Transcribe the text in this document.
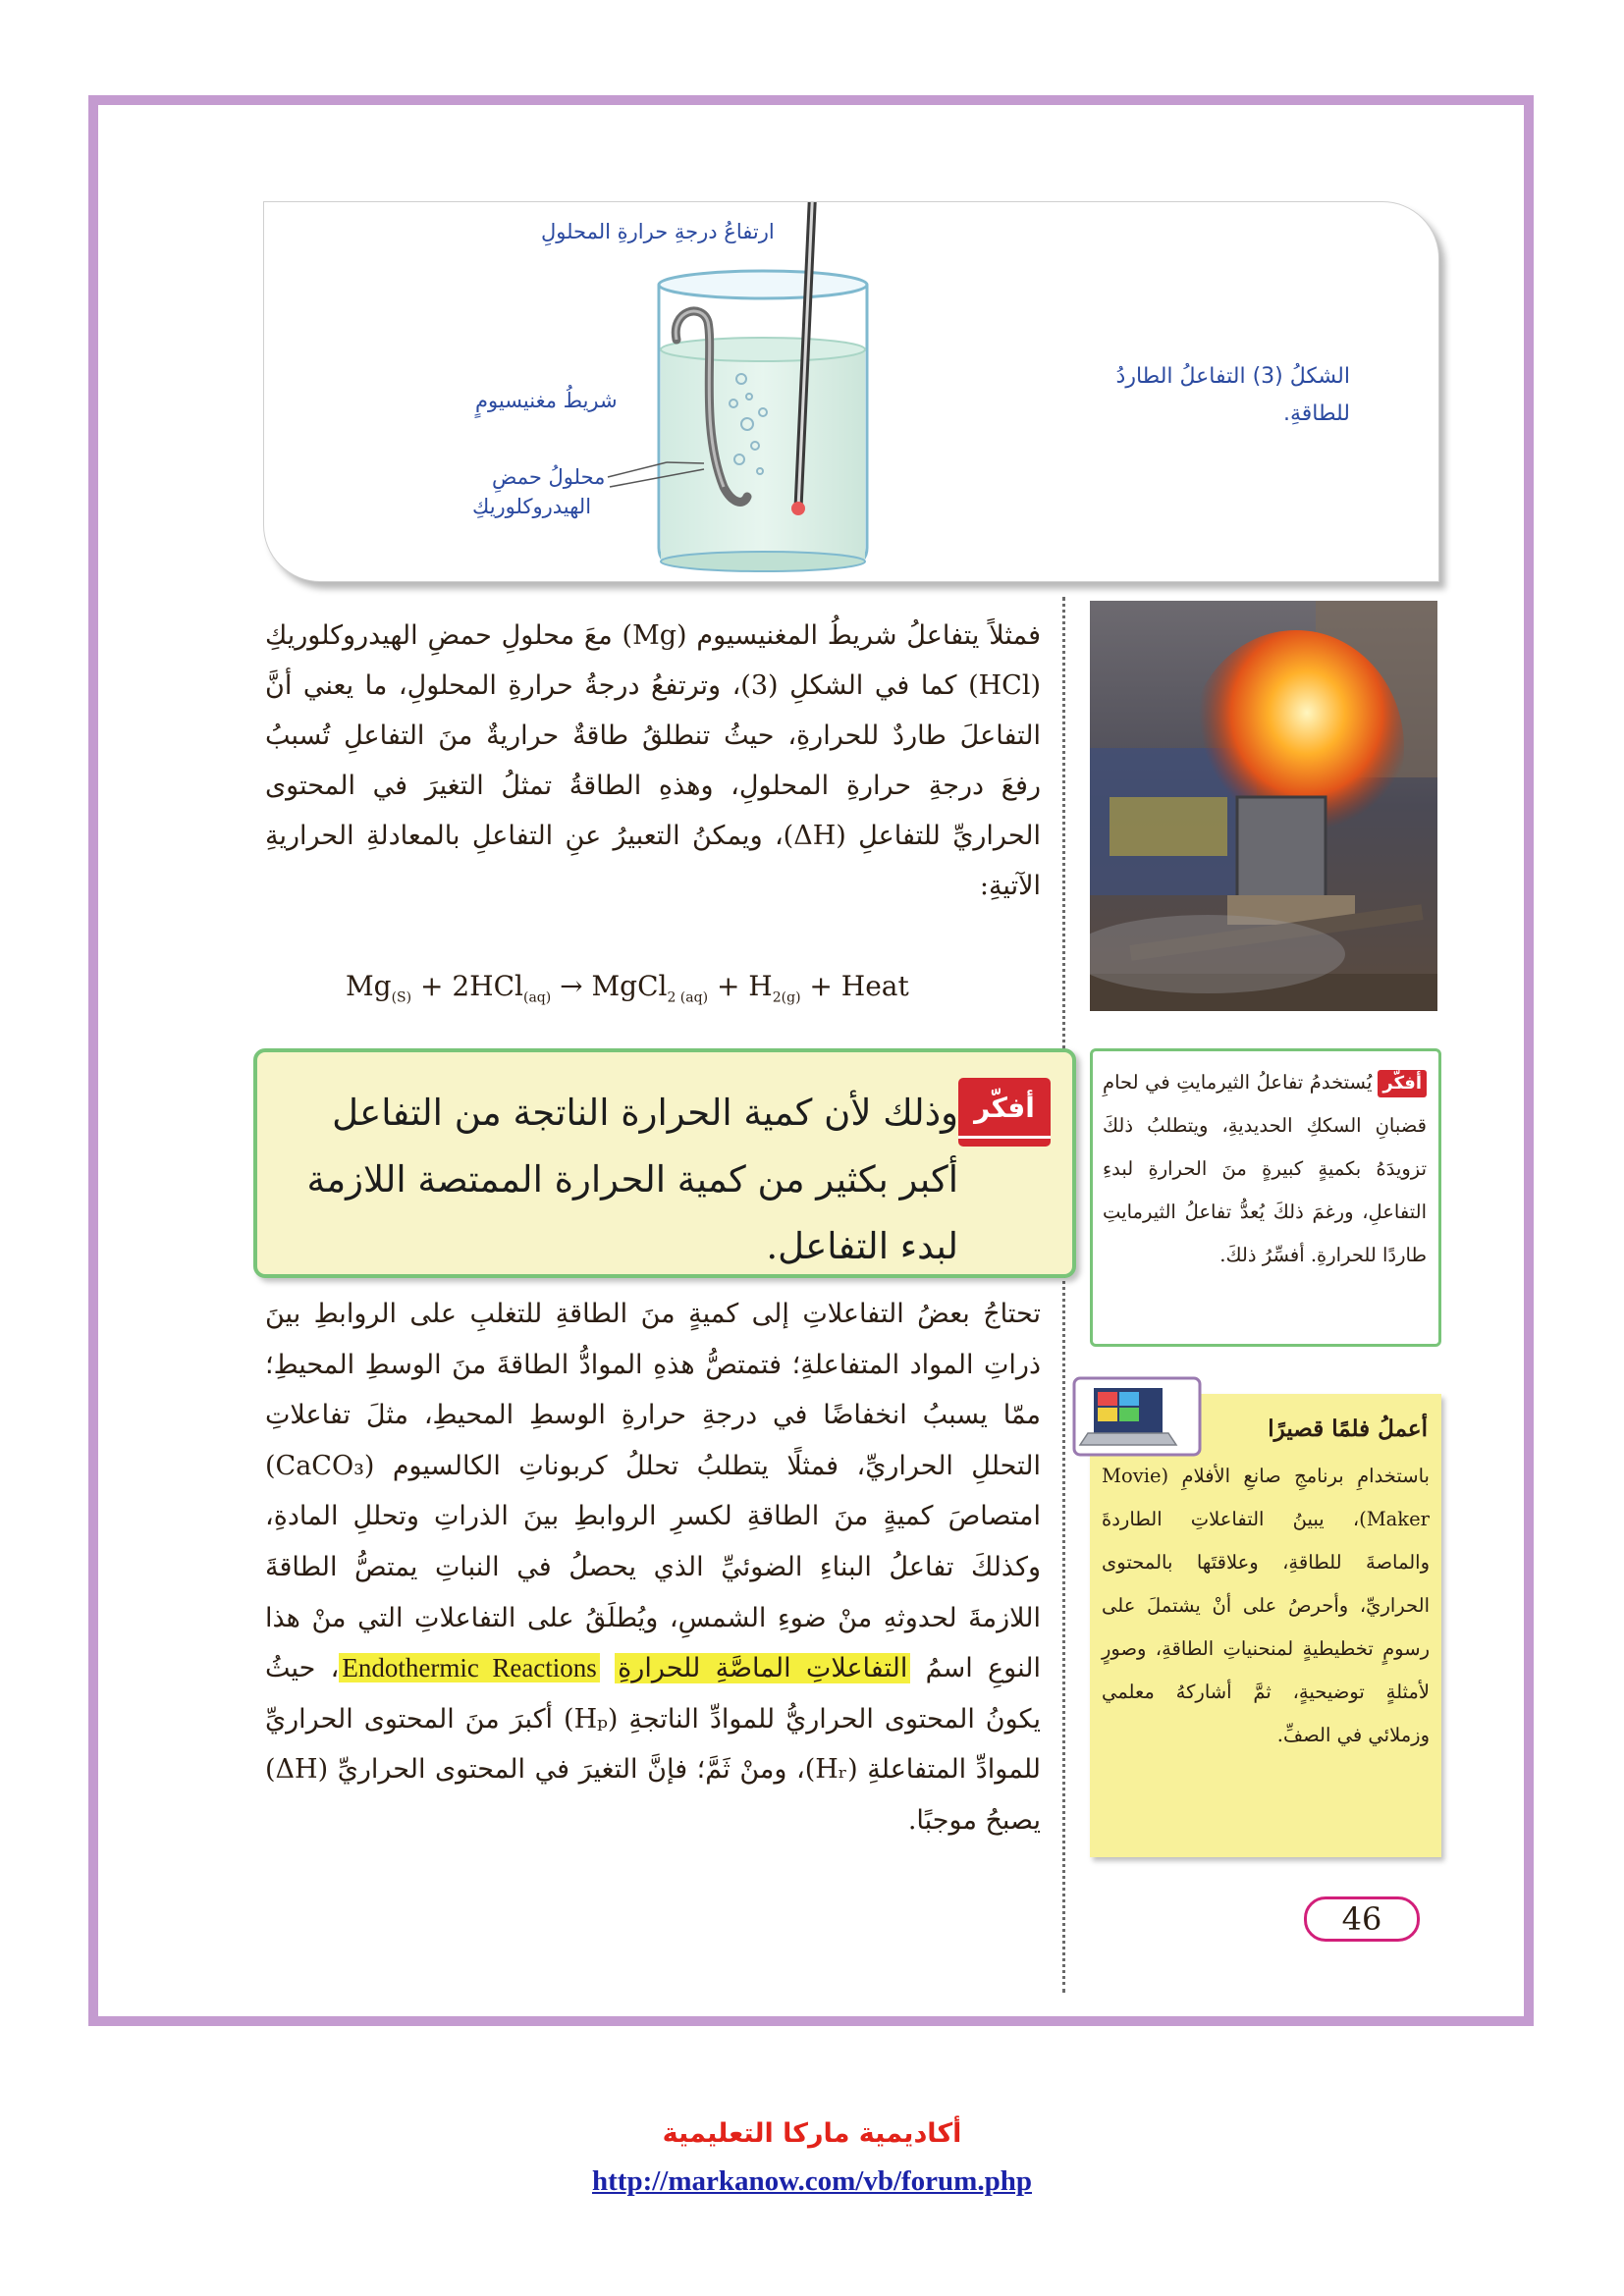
ارتفاعُ درجةِ حرارةِ المحلولِ
شريطُ مغنيسيومٍ
محلولُ حمضِ
الهيدروكلوريكِ
الشكلُ (3) التفاعلُ الطاردُ
للطاقةِ.
فمثلاً يتفاعلُ شريطُ المغنيسيوم (Mg) معَ محلولِ حمضِ الهيدروكلوريكِ (HCl) كما في الشكلِ (3)، وترتفعُ درجةُ حرارةِ المحلولِ، ما يعني أنَّ التفاعلَ طاردٌ للحرارةِ، حيثُ تنطلقُ طاقةٌ حراريةٌ منَ التفاعلِ تُسببُ رفعَ درجةِ حرارةِ المحلولِ، وهذهِ الطاقةُ تمثلُ التغيرَ في المحتوى الحراريِّ للتفاعلِ (ΔH)، ويمكنُ التعبيرُ عنِ التفاعلِ بالمعادلةِ الحراريةِ الآتيةِ:
$Mg_{(S)} + 2HCl_{(aq)}$ → MgCl$_{2 (aq)}$ + $H_{2(g)}$ + Heat
وذلك لأن كمية الحرارة الناتجة من التفاعل أكبر بكثير من كمية الحرارة الممتصة اللازمة لبدء التفاعل.
أفكّر
أفكّريُستخدمُ تفاعلُ الثيرمايتِ في لحامِ قضبانِ السككِ الحديديةِ، ويتطلبُ ذلكَ تزويدَهُ بكميةٍ كبيرةٍ منَ الحرارةِ لبدءِ التفاعلِ، ورغمَ ذلكَ يُعدُّ تفاعلُ الثيرمايتِ طاردًا للحرارةِ. أفسِّرُ ذلكَ.
أعملُ فلمًا قصيرًا
باستخدامِ برنامجِ صانعِ الأفلامِ (Movie Maker)، يبينُ التفاعلاتِ الطاردةَ والماصةَ للطاقةِ، وعلاقتَها بالمحتوى الحراريِّ، وأحرصُ على أنْ يشتملَ على رسومٍ تخطيطيةٍ لمنحنياتِ الطاقةِ، وصورٍ لأمثلةٍ توضيحيةٍ، ثمَّ أشاركهُ معلمي وزملائي في الصفِّ.
تحتاجُ بعضُ التفاعلاتِ إلى كميةٍ منَ الطاقةِ للتغلبِ على الروابطِ بينَ ذراتِ المواد المتفاعلةِ؛ فتمتصُّ هذهِ الموادُّ الطاقةَ منَ الوسطِ المحيطِ؛ ممّا يسببُ انخفاضًا في درجةِ حرارةِ الوسطِ المحيطِ، مثلَ تفاعلاتِ التحللِ الحراريِّ، فمثلًا يتطلبُ تحللُ كربوناتِ الكالسيوم (CaCO₃) امتصاصَ كميةٍ منَ الطاقةِ لكسرِ الروابطِ بينَ الذراتِ وتحللِ المادةِ، وكذلكَ تفاعلُ البناءِ الضوئيِّ الذي يحصلُ في النباتِ يمتصُّ الطاقةَ اللازمةَ لحدوثهِ منْ ضوءِ الشمسِ، ويُطلَقُ على التفاعلاتِ التي منْ هذا النوعِ اسمُ التفاعلاتِ الماصَّةِ للحرارةِ Endothermic Reactions، حيثُ يكونُ المحتوى الحراريُّ للموادِّ الناتجةِ (Hₚ) أكبرَ منَ المحتوى الحراريِّ للموادِّ المتفاعلةِ (Hᵣ)، ومنْ ثَمَّ؛ فإنَّ التغيرَ في المحتوى الحراريِّ (ΔH) يصبحُ موجبًا.
46
أكاديمية ماركا التعليمية
http://markanow.com/vb/forum.php
